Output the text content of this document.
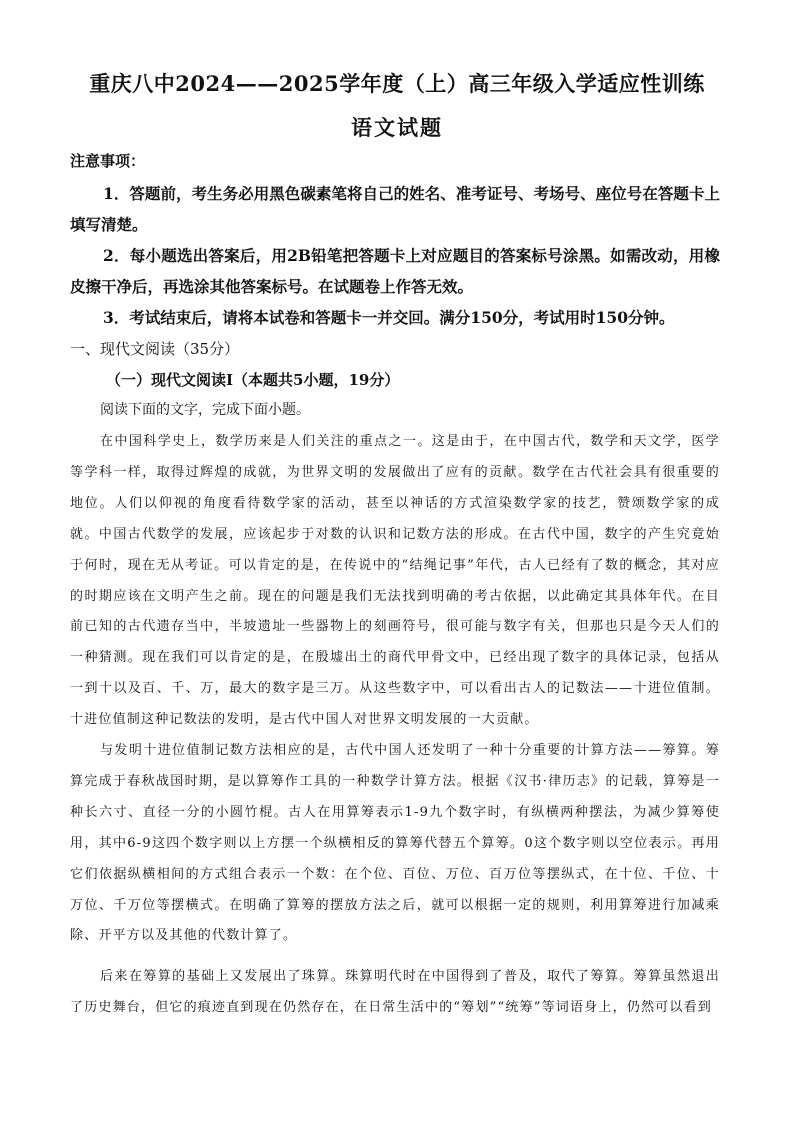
重庆八中2024——2025学年度（上）高三年级入学适应性训练
语文试题
注意事项：

1．答题前，考生务必用黑色碳素笔将自己的姓名、准考证号、考场号、座位号在答题卡上填写清楚。

2．每小题选出答案后，用2B铅笔把答题卡上对应题目的答案标号涂黑。如需改动，用橡皮擦干净后，再选涂其他答案标号。在试题卷上作答无效。

3．考试结束后，请将本试卷和答题卡一并交回。满分150分，考试用时150分钟。

一、现代文阅读（35分）
（一）现代文阅读Ⅰ（本题共5小题，19分）
阅读下面的文字，完成下面小题。

在中国科学史上，数学历来是人们关注的重点之一。这是由于，在中国古代，数学和天文学，医学等学科一样，取得过辉煌的成就，为世界文明的发展做出了应有的贡献。数学在古代社会具有很重要的地位。人们以仰视的角度看待数学家的活动，甚至以神话的方式渲染数学家的技艺，赞颂数学家的成就。中国古代数学的发展，应该起步于对数的认识和记数方法的形成。在古代中国，数字的产生究竟始于何时，现在无从考证。可以肯定的是，在传说中的“结绳记事”年代，古人已经有了数的概念，其对应的时期应该在文明产生之前。现在的问题是我们无法找到明确的考古依据，以此确定其具体年代。在目前已知的古代遗存当中，半坡遗址一些器物上的刻画符号，很可能与数字有关，但那也只是今天人们的一种猜测。现在我们可以肯定的是，在殷墟出土的商代甲骨文中，已经出现了数字的具体记录，包括从一到十以及百、千、万，最大的数字是三万。从这些数字中，可以看出古人的记数法——十进位值制。十进位值制这种记数法的发明，是古代中国人对世界文明发展的一大贡献。

与发明十进位值制记数方法相应的是，古代中国人还发明了一种十分重要的计算方法——筹算。筹算完成于春秋战国时期，是以算筹作工具的一种数学计算方法。根据《汉书·律历志》的记载，算筹是一种长六寸、直径一分的小圆竹棍。古人在用算筹表示1-9九个数字时，有纵横两种摆法，为减少算筹使用，其中6-9这四个数字则以上方摆一个纵横相反的算筹代替五个算筹。0这个数字则以空位表示。再用它们依据纵横相间的方式组合表示一个数：在个位、百位、万位、百万位等摆纵式，在十位、千位、十万位、千万位等摆横式。在明确了算筹的摆放方法之后，就可以根据一定的规则，利用算筹进行加减乘除、开平方以及其他的代数计算了。

后来在筹算的基础上又发展出了珠算。珠算明代时在中国得到了普及，取代了筹算。筹算虽然退出了历史舞台，但它的痕迹直到现在仍然存在，在日常生活中的“筹划”“统筹”等词语身上，仍然可以看到
